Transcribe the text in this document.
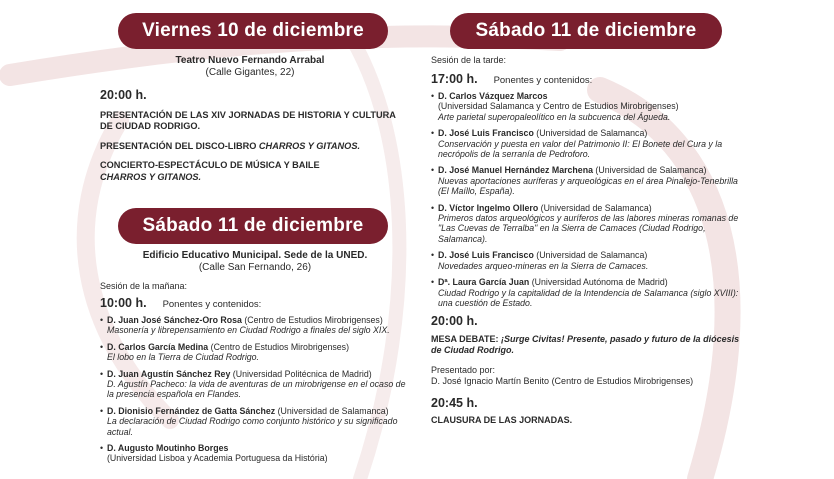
Viernes 10 de diciembre
Teatro Nuevo Fernando Arrabal
(Calle Gigantes, 22)
20:00 h.
PRESENTACIÓN DE LAS XIV JORNADAS DE HISTORIA Y CULTURA DE CIUDAD RODRIGO.
PRESENTACIÓN DEL DISCO-LIBRO CHARROS Y GITANOS.
CONCIERTO-ESPECTÁCULO DE MÚSICA Y BAILE
CHARROS Y GITANOS.
Sábado 11 de diciembre
Edificio Educativo Municipal. Sede de la UNED.
(Calle San Fernando, 26)
Sesión de la mañana:
10:00 h. Ponentes y contenidos:
• D. Juan José Sánchez-Oro Rosa (Centro de Estudios Mirobrigenses)
Masonería y librepensamiento en Ciudad Rodrigo a finales del siglo XIX.
• D. Carlos García Medina (Centro de Estudios Mirobrigenses)
El lobo en la Tierra de Ciudad Rodrigo.
• D. Juan Agustín Sánchez Rey (Universidad Politécnica de Madrid)
D. Agustín Pacheco: la vida de aventuras de un mirobrigense en el ocaso de la presencia española en Flandes.
• D. Dionisio Fernández de Gatta Sánchez (Universidad de Salamanca)
La declaración de Ciudad Rodrigo como conjunto histórico y su significado actual.
• D. Augusto Moutinho Borges
(Universidad Lisboa y Academia Portuguesa da História)
Sábado 11 de diciembre
Sesión de la tarde:
17:00 h. Ponentes y contenidos:
• D. Carlos Vázquez Marcos
(Universidad Salamanca y Centro de Estudios Mirobrigenses)
Arte parietal superopaleolítico en la subcuenca del Águeda.
• D. José Luis Francisco (Universidad de Salamanca)
Conservación y puesta en valor del Patrimonio II: El Bonete del Cura y la necrópolis de la serranía de Pedroforo.
• D. José Manuel Hernández Marchena (Universidad de Salamanca)
Nuevas aportaciones auríferas y arqueológicas en el área Pinalejo-Tenebrilla (El Maíllo, España).
• D. Víctor Ingelmo Ollero (Universidad de Salamanca)
Primeros datos arqueológicos y auríferos de las labores mineras romanas de "Las Cuevas de Terralba" en la Sierra de Camaces (Ciudad Rodrigo, Salamanca).
• D. José Luis Francisco (Universidad de Salamanca)
Novedades arqueo-mineras en la Sierra de Camaces.
• Dª. Laura García Juan (Universidad Autónoma de Madrid)
Ciudad Rodrigo y la capitalidad de la Intendencia de Salamanca (siglo XVIII): una cuestión de Estado.
20:00 h.
MESA DEBATE: ¡Surge Civitas! Presente, pasado y futuro de la diócesis de Ciudad Rodrigo.
Presentado por:
D. José Ignacio Martín Benito (Centro de Estudios Mirobrigenses)
20:45 h.
CLAUSURA DE LAS JORNADAS.
